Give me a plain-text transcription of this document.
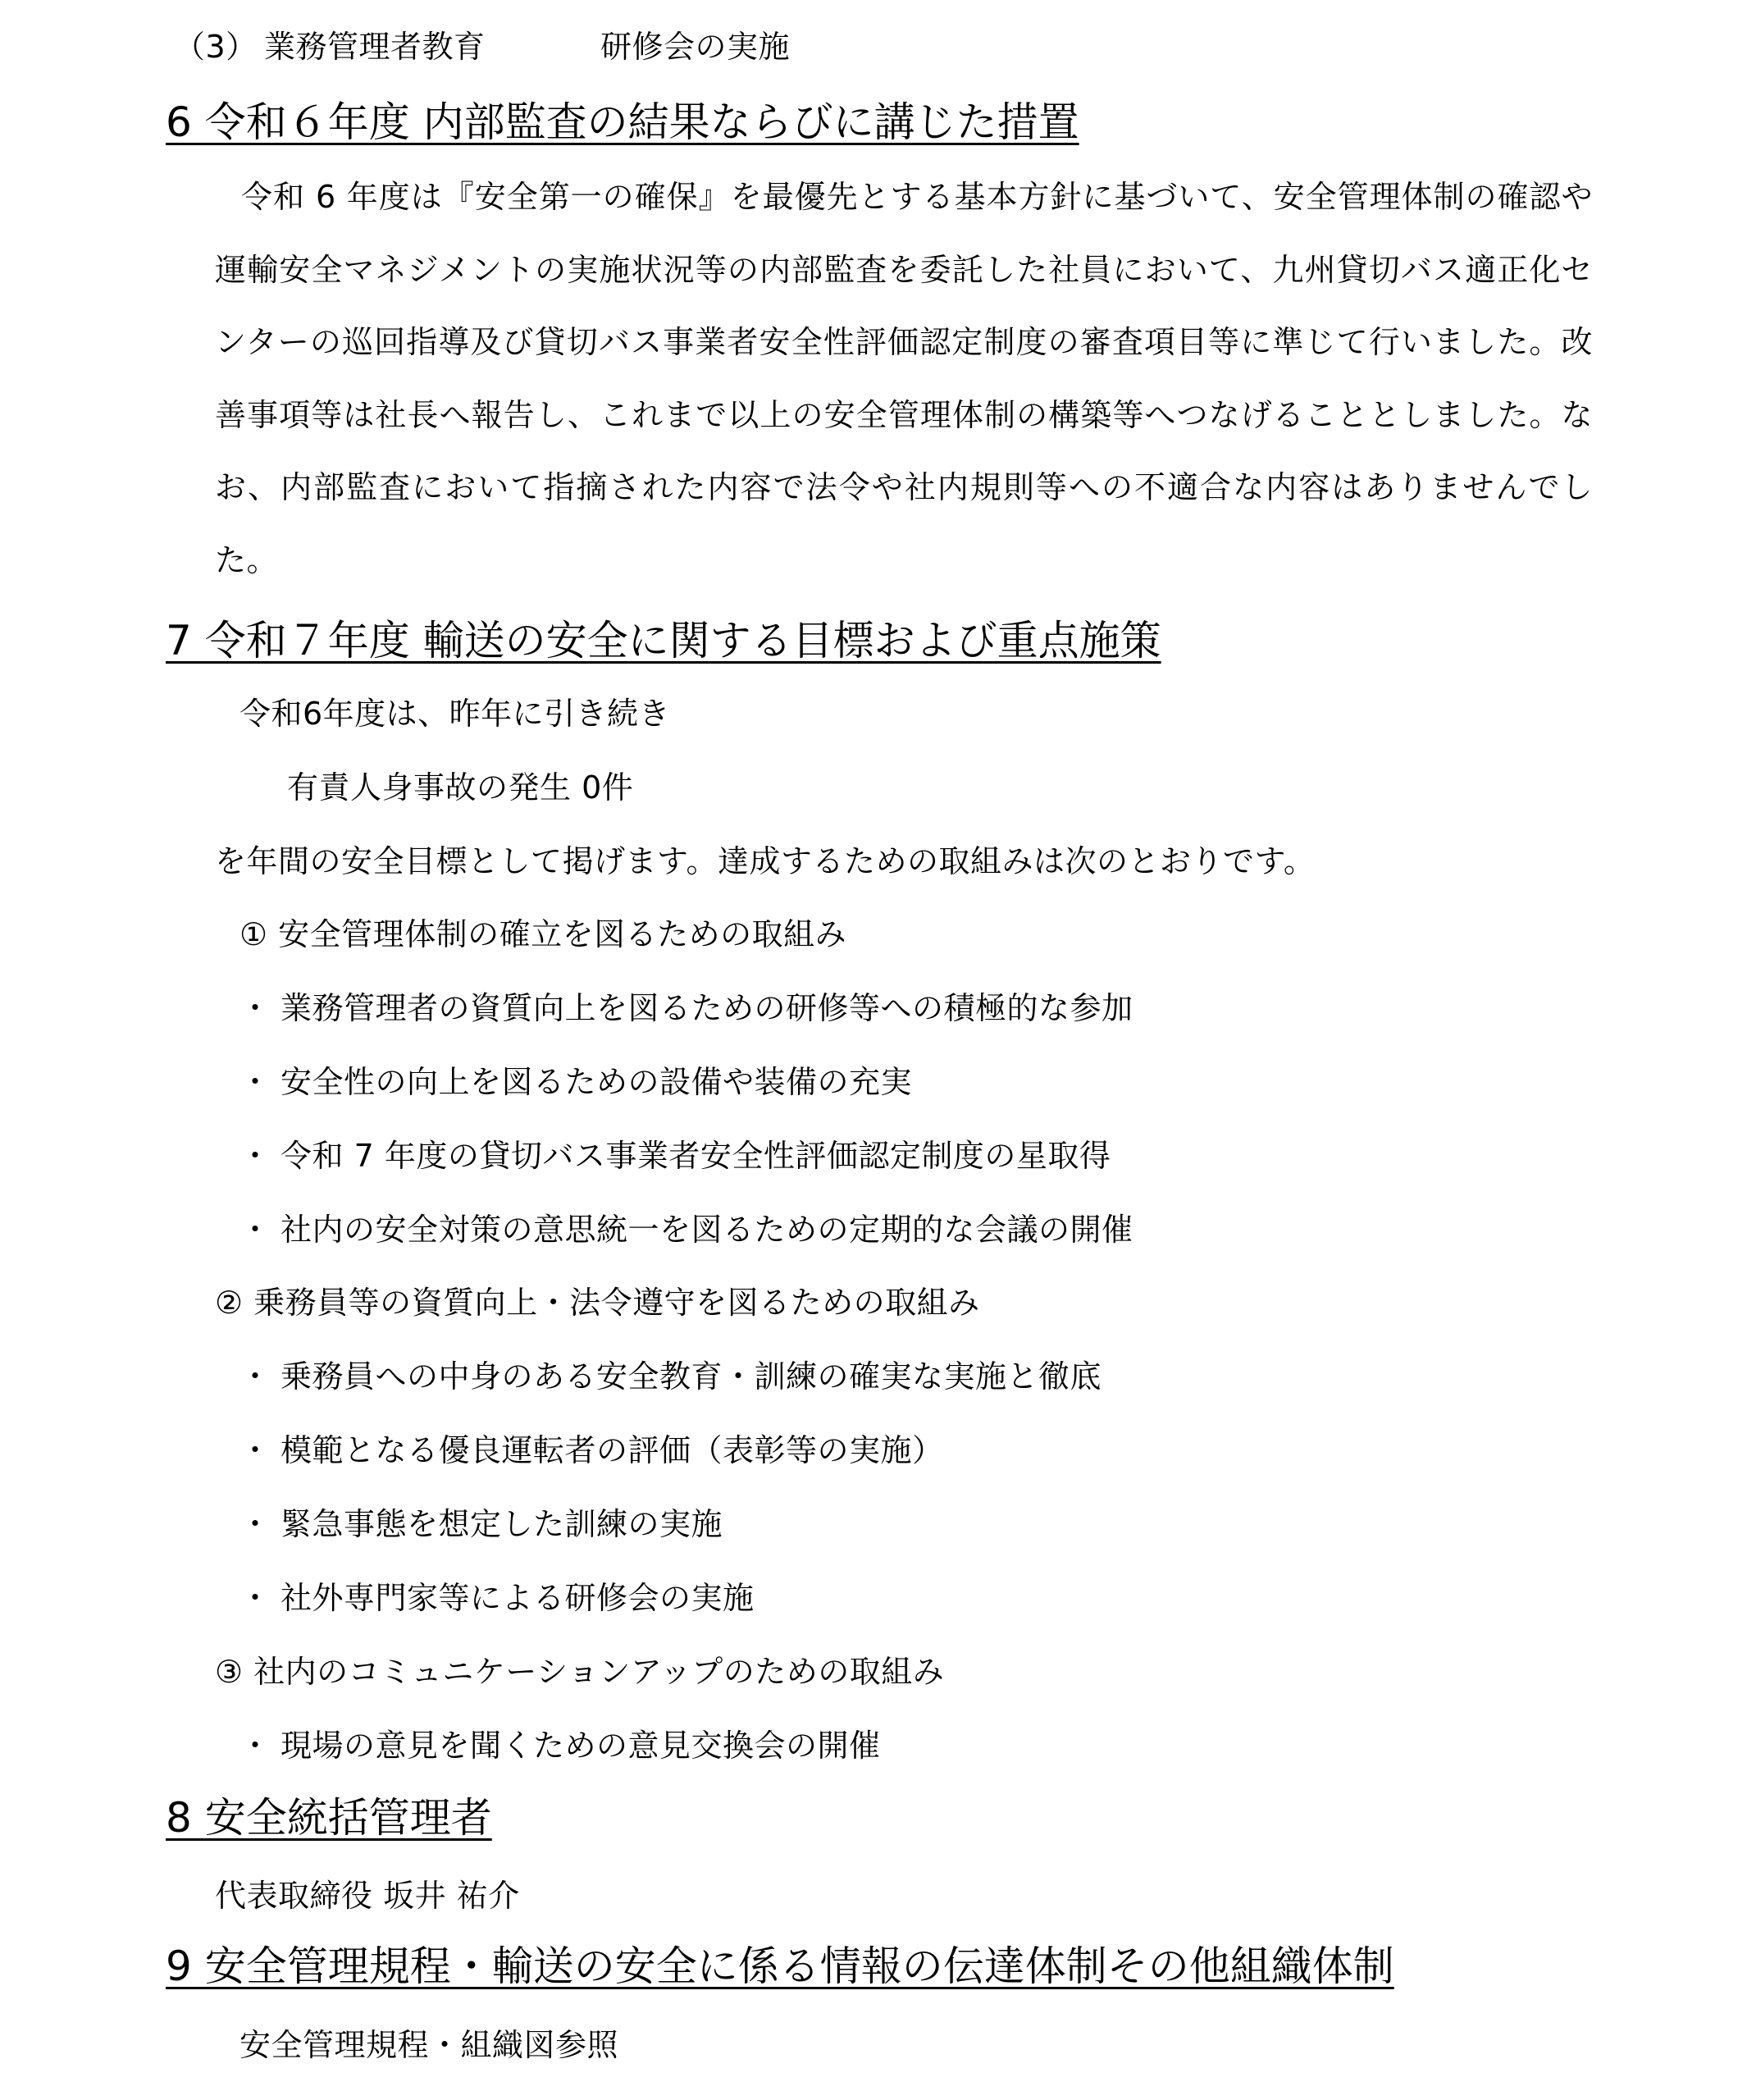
（3） 業務管理者教育	研修会の実施
6 令和６年度 内部監査の結果ならびに講じた措置
令和 6 年度は『安全第一の確保』を最優先とする基本方針に基づいて、安全管理体制の確認や運輸安全マネジメントの実施状況等の内部監査を委託した社員において、九州貸切バス適正化センターの巡回指導及び貸切バス事業者安全性評価認定制度の審査項目等に準じて行いました。改善事項等は社長へ報告し、これまで以上の安全管理体制の構築等へつなげることとしました。なお、内部監査において指摘された内容で法令や社内規則等への不適合な内容はありませんでした。
7 令和７年度 輸送の安全に関する目標および重点施策
令和6年度は、昨年に引き続き
有責人身事故の発生 0件
を年間の安全目標として掲げます。達成するための取組みは次のとおりです。
① 安全管理体制の確立を図るための取組み
・ 業務管理者の資質向上を図るための研修等への積極的な参加
・ 安全性の向上を図るための設備や装備の充実
・ 令和 7 年度の貸切バス事業者安全性評価認定制度の星取得
・ 社内の安全対策の意思統一を図るための定期的な会議の開催
② 乗務員等の資質向上・法令遵守を図るための取組み
・ 乗務員への中身のある安全教育・訓練の確実な実施と徹底
・ 模範となる優良運転者の評価（表彰等の実施）
・ 緊急事態を想定した訓練の実施
・ 社外専門家等による研修会の実施
③ 社内のコミュニケーションアップのための取組み
・ 現場の意見を聞くための意見交換会の開催
8 安全統括管理者
代表取締役 坂井 祐介
9 安全管理規程・輸送の安全に係る情報の伝達体制その他組織体制
安全管理規程・組織図参照
